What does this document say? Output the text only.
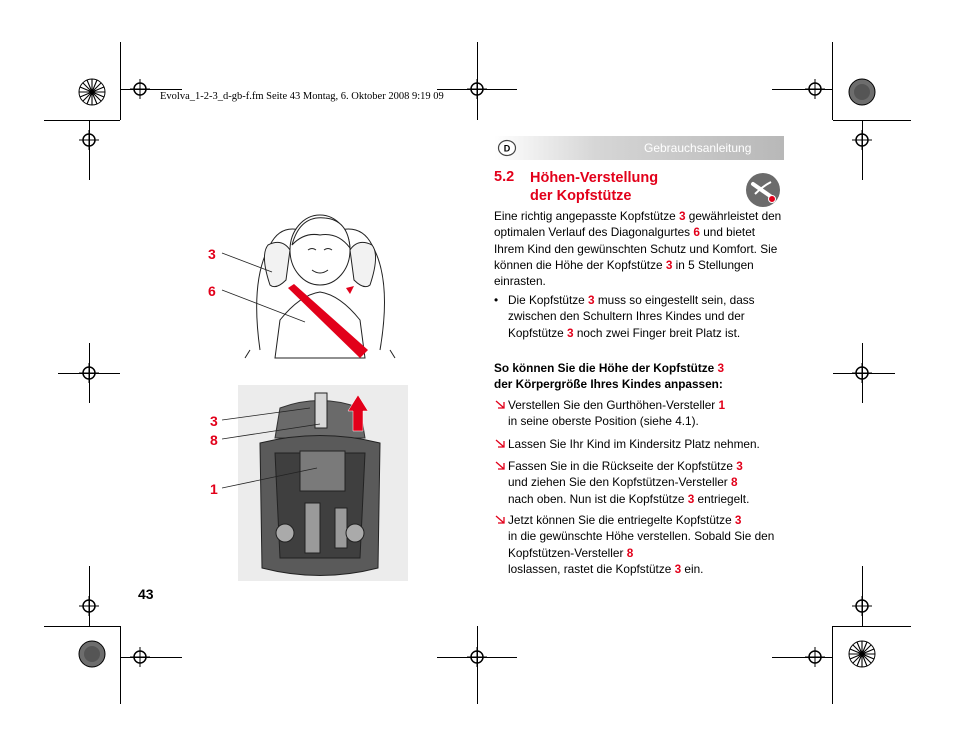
Evolva_1-2-3_d-gb-f.fm Seite 43 Montag, 6. Oktober 2008 9:19 09
D	Gebrauchsanleitung
5.2 Höhen-Verstellung
der Kopfstütze
Eine richtig angepasste Kopfstütze 3 gewährleistet den optimalen Verlauf des Diagonalgurtes 6 und bietet Ihrem Kind den gewünschten Schutz und Komfort. Sie können die Höhe der Kopfstütze 3 in 5 Stellungen einrasten.
• Die Kopfstütze 3 muss so eingestellt sein, dass zwischen den Schultern Ihres Kindes und der Kopfstütze 3 noch zwei Finger breit Platz ist.
So können Sie die Höhe der Kopfstütze 3
der Körpergröße Ihres Kindes anpassen:
Verstellen Sie den Gurthöhen-Versteller 1
in seine oberste Position (siehe 4.1).
Lassen Sie Ihr Kind im Kindersitz Platz nehmen.
Fassen Sie in die Rückseite der Kopfstütze 3
und ziehen Sie den Kopfstützen-Versteller 8
nach oben. Nun ist die Kopfstütze 3 entriegelt.
Jetzt können Sie die entriegelte Kopfstütze 3
in die gewünschte Höhe verstellen. Sobald Sie den Kopfstützen-Versteller 8
loslassen, rastet die Kopfstütze 3 ein.
3
6
3
8
1
43
